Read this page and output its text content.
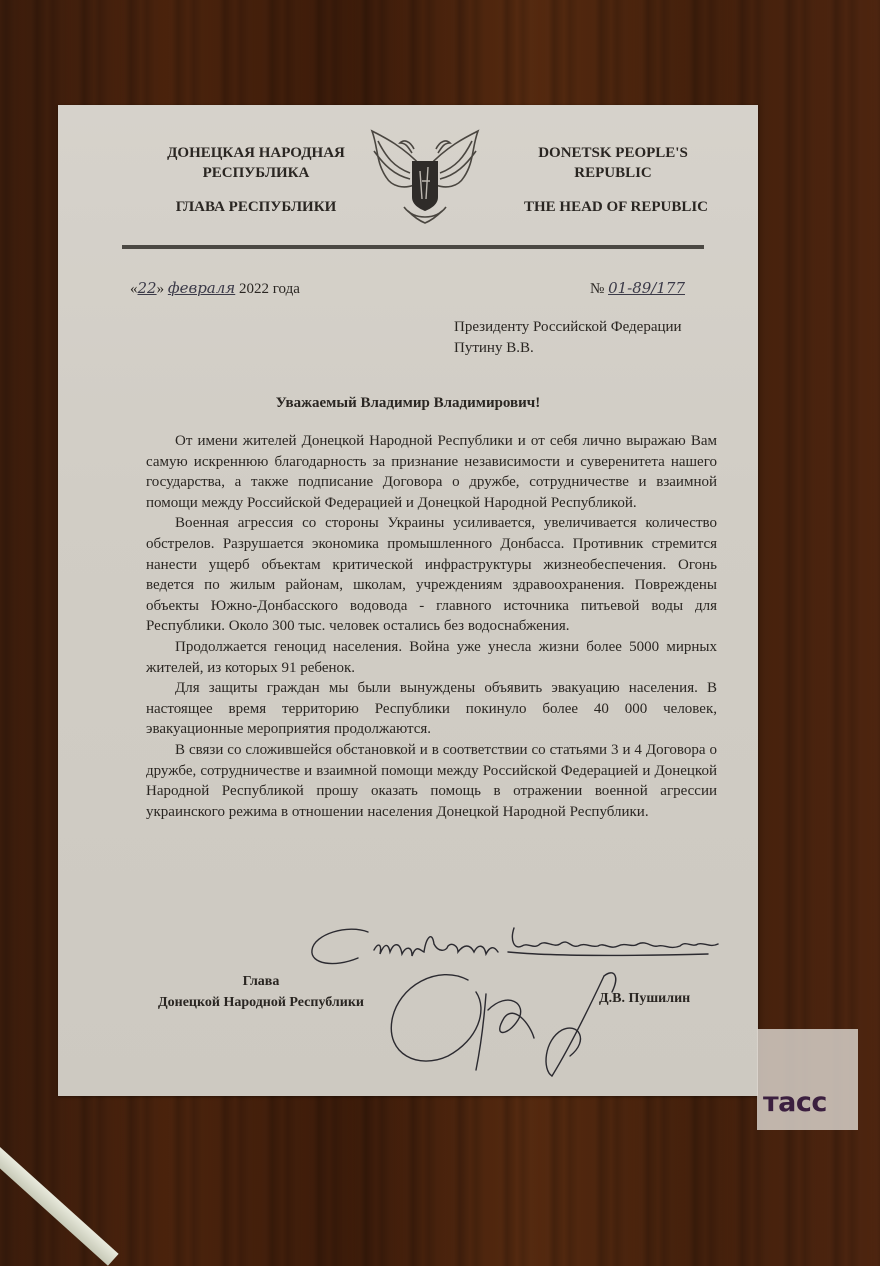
ДОНЕЦКАЯ НАРОДНАЯ РЕСПУБЛИКА
ГЛАВА РЕСПУБЛИКИ
DONETSK PEOPLE'S REPUBLIC
THE HEAD OF REPUBLIC
«22» февраля 2022 года	№ 01-89/177
Президенту Российской Федерации
Путину В.В.
Уважаемый Владимир Владимирович!

От имени жителей Донецкой Народной Республики и от себя лично выражаю Вам самую искреннюю благодарность за признание независимости и суверенитета нашего государства, а также подписание Договора о дружбе, сотрудничестве и взаимной помощи между Российской Федерацией и Донецкой Народной Республикой.

Военная агрессия со стороны Украины усиливается, увеличивается количество обстрелов. Разрушается экономика промышленного Донбасса. Противник стремится нанести ущерб объектам критической инфраструктуры жизнеобеспечения. Огонь ведется по жилым районам, школам, учреждениям здравоохранения. Повреждены объекты Южно-Донбасского водовода - главного источника питьевой воды для Республики. Около 300 тыс. человек остались без водоснабжения.

Продолжается геноцид населения. Война уже унесла жизни более 5000 мирных жителей, из которых 91 ребенок.

Для защиты граждан мы были вынуждены объявить эвакуацию населения. В настоящее время территорию Республики покинуло более 40 000 человек, эвакуационные мероприятия продолжаются.

В связи со сложившейся обстановкой и в соответствии со статьями 3 и 4 Договора о дружбе, сотрудничестве и взаимной помощи между Российской Федерацией и Донецкой Народной Республикой прошу оказать помощь в отражении военной агрессии украинского режима в отношении населения Донецкой Народной Республики.

Глава
Донецкой Народной Республики	Д.В. Пушилин
тасс
